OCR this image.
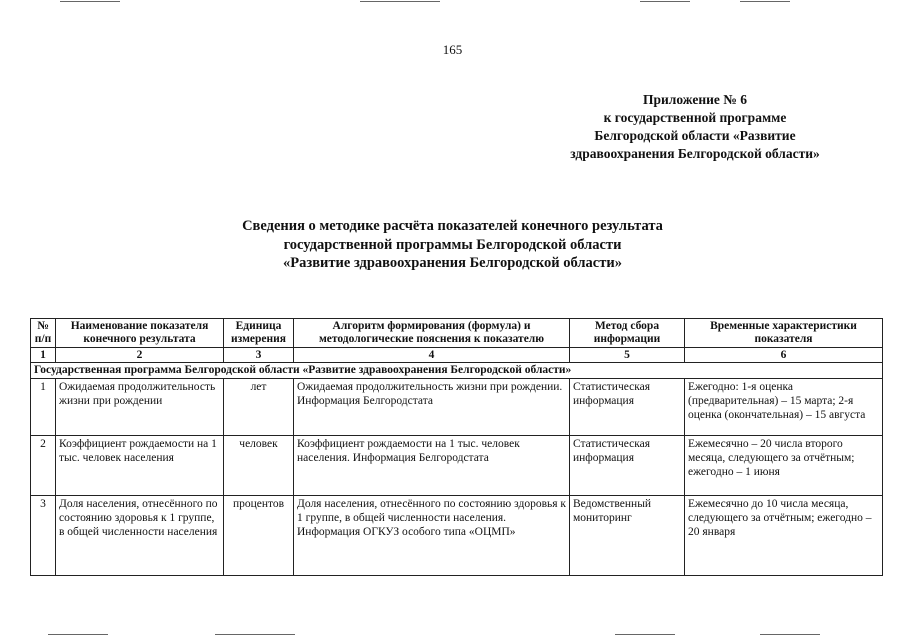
165
Приложение № 6
к государственной программе
Белгородской области «Развитие
здравоохранения Белгородской области»
Сведения о методике расчёта показателей конечного результата
государственной программы Белгородской области
«Развитие здравоохранения Белгородской области»
№ п/п	Наименование показателя конечного результата	Единица измерения	Алгоритм формирования (формула) и методологические пояснения к показателю	Метод сбора информации	Временные характеристики показателя
1	2	3	4	5	6
Государственная программа Белгородской области «Развитие здравоохранения Белгородской области»					
1	Ожидаемая продолжительность жизни при рождении	лет	Ожидаемая продолжительность жизни при рождении. Информация Белгородстата	Статистическая информация	Ежегодно: 1-я оценка (предварительная) – 15 марта; 2-я оценка (окончательная) – 15 августа
2	Коэффициент рождаемости на 1 тыс. человек населения	человек	Коэффициент рождаемости на 1 тыс. человек населения. Информация Белгородстата	Статистическая информация	Ежемесячно – 20 числа второго месяца, следующего за отчётным; ежегодно – 1 июня
3	Доля населения, отнесённого по состоянию здоровья к 1 группе, в общей численности населения	процентов	Доля населения, отнесённого по состоянию здоровья к 1 группе, в общей численности населения. Информация ОГКУЗ особого типа «ОЦМП»	Ведомственный мониторинг	Ежемесячно до 10 числа месяца, следующего за отчётным; ежегодно – 20 января
